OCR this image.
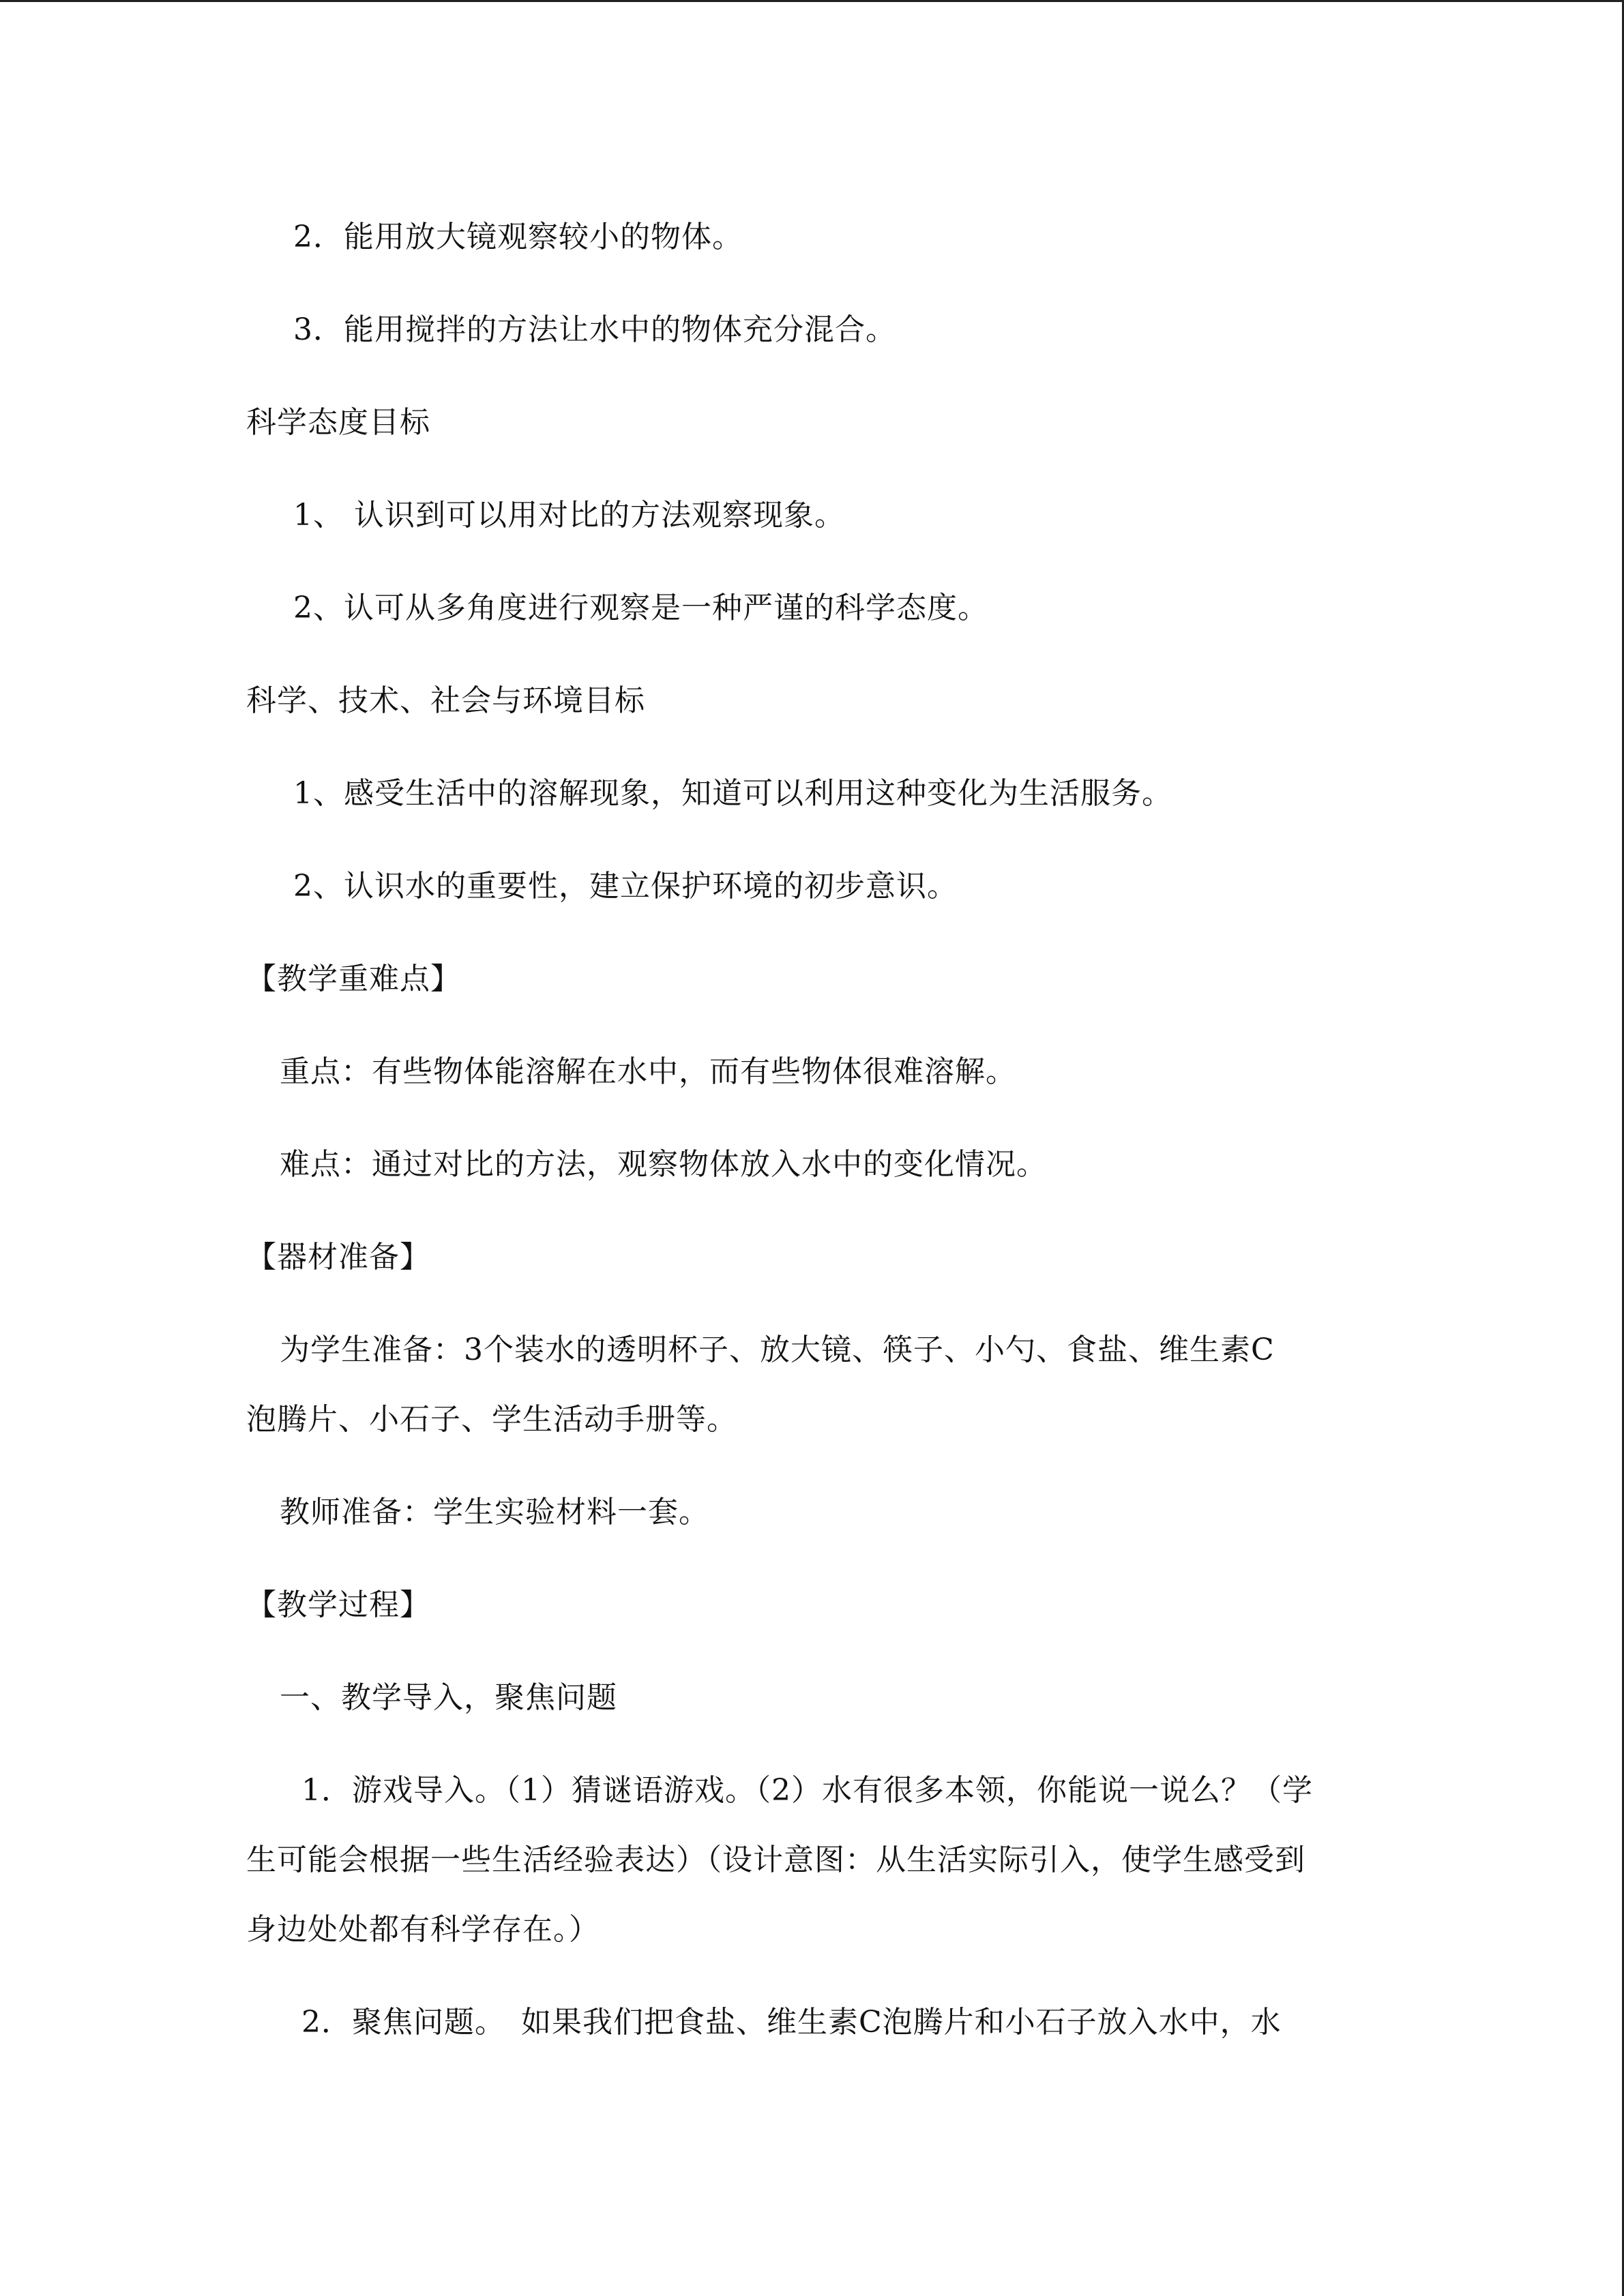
2．能用放大镜观察较小的物体。
3．能用搅拌的方法让水中的物体充分混合。
科学态度目标
1、 认识到可以用对比的方法观察现象。
2、认可从多角度进行观察是一种严谨的科学态度。
科学、技术、社会与环境目标
1、感受生活中的溶解现象，知道可以利用这种变化为生活服务。
2、认识水的重要性，建立保护环境的初步意识。
【教学重难点】
重点：有些物体能溶解在水中，而有些物体很难溶解。
难点：通过对比的方法，观察物体放入水中的变化情况。
【器材准备】
为学生准备：3个装水的透明杯子、放大镜、筷子、小勺、食盐、维生素C
泡腾片、小石子、学生活动手册等。
教师准备：学生实验材料一套。
【教学过程】
一、教学导入，聚焦问题
1．游戏导入。（1）猜谜语游戏。（2）水有很多本领，你能说一说么？（学
生可能会根据一些生活经验表达）（设计意图：从生活实际引入，使学生感受到
身边处处都有科学存在。）
2．聚焦问题。　如果我们把食盐、维生素C泡腾片和小石子放入水中，水
